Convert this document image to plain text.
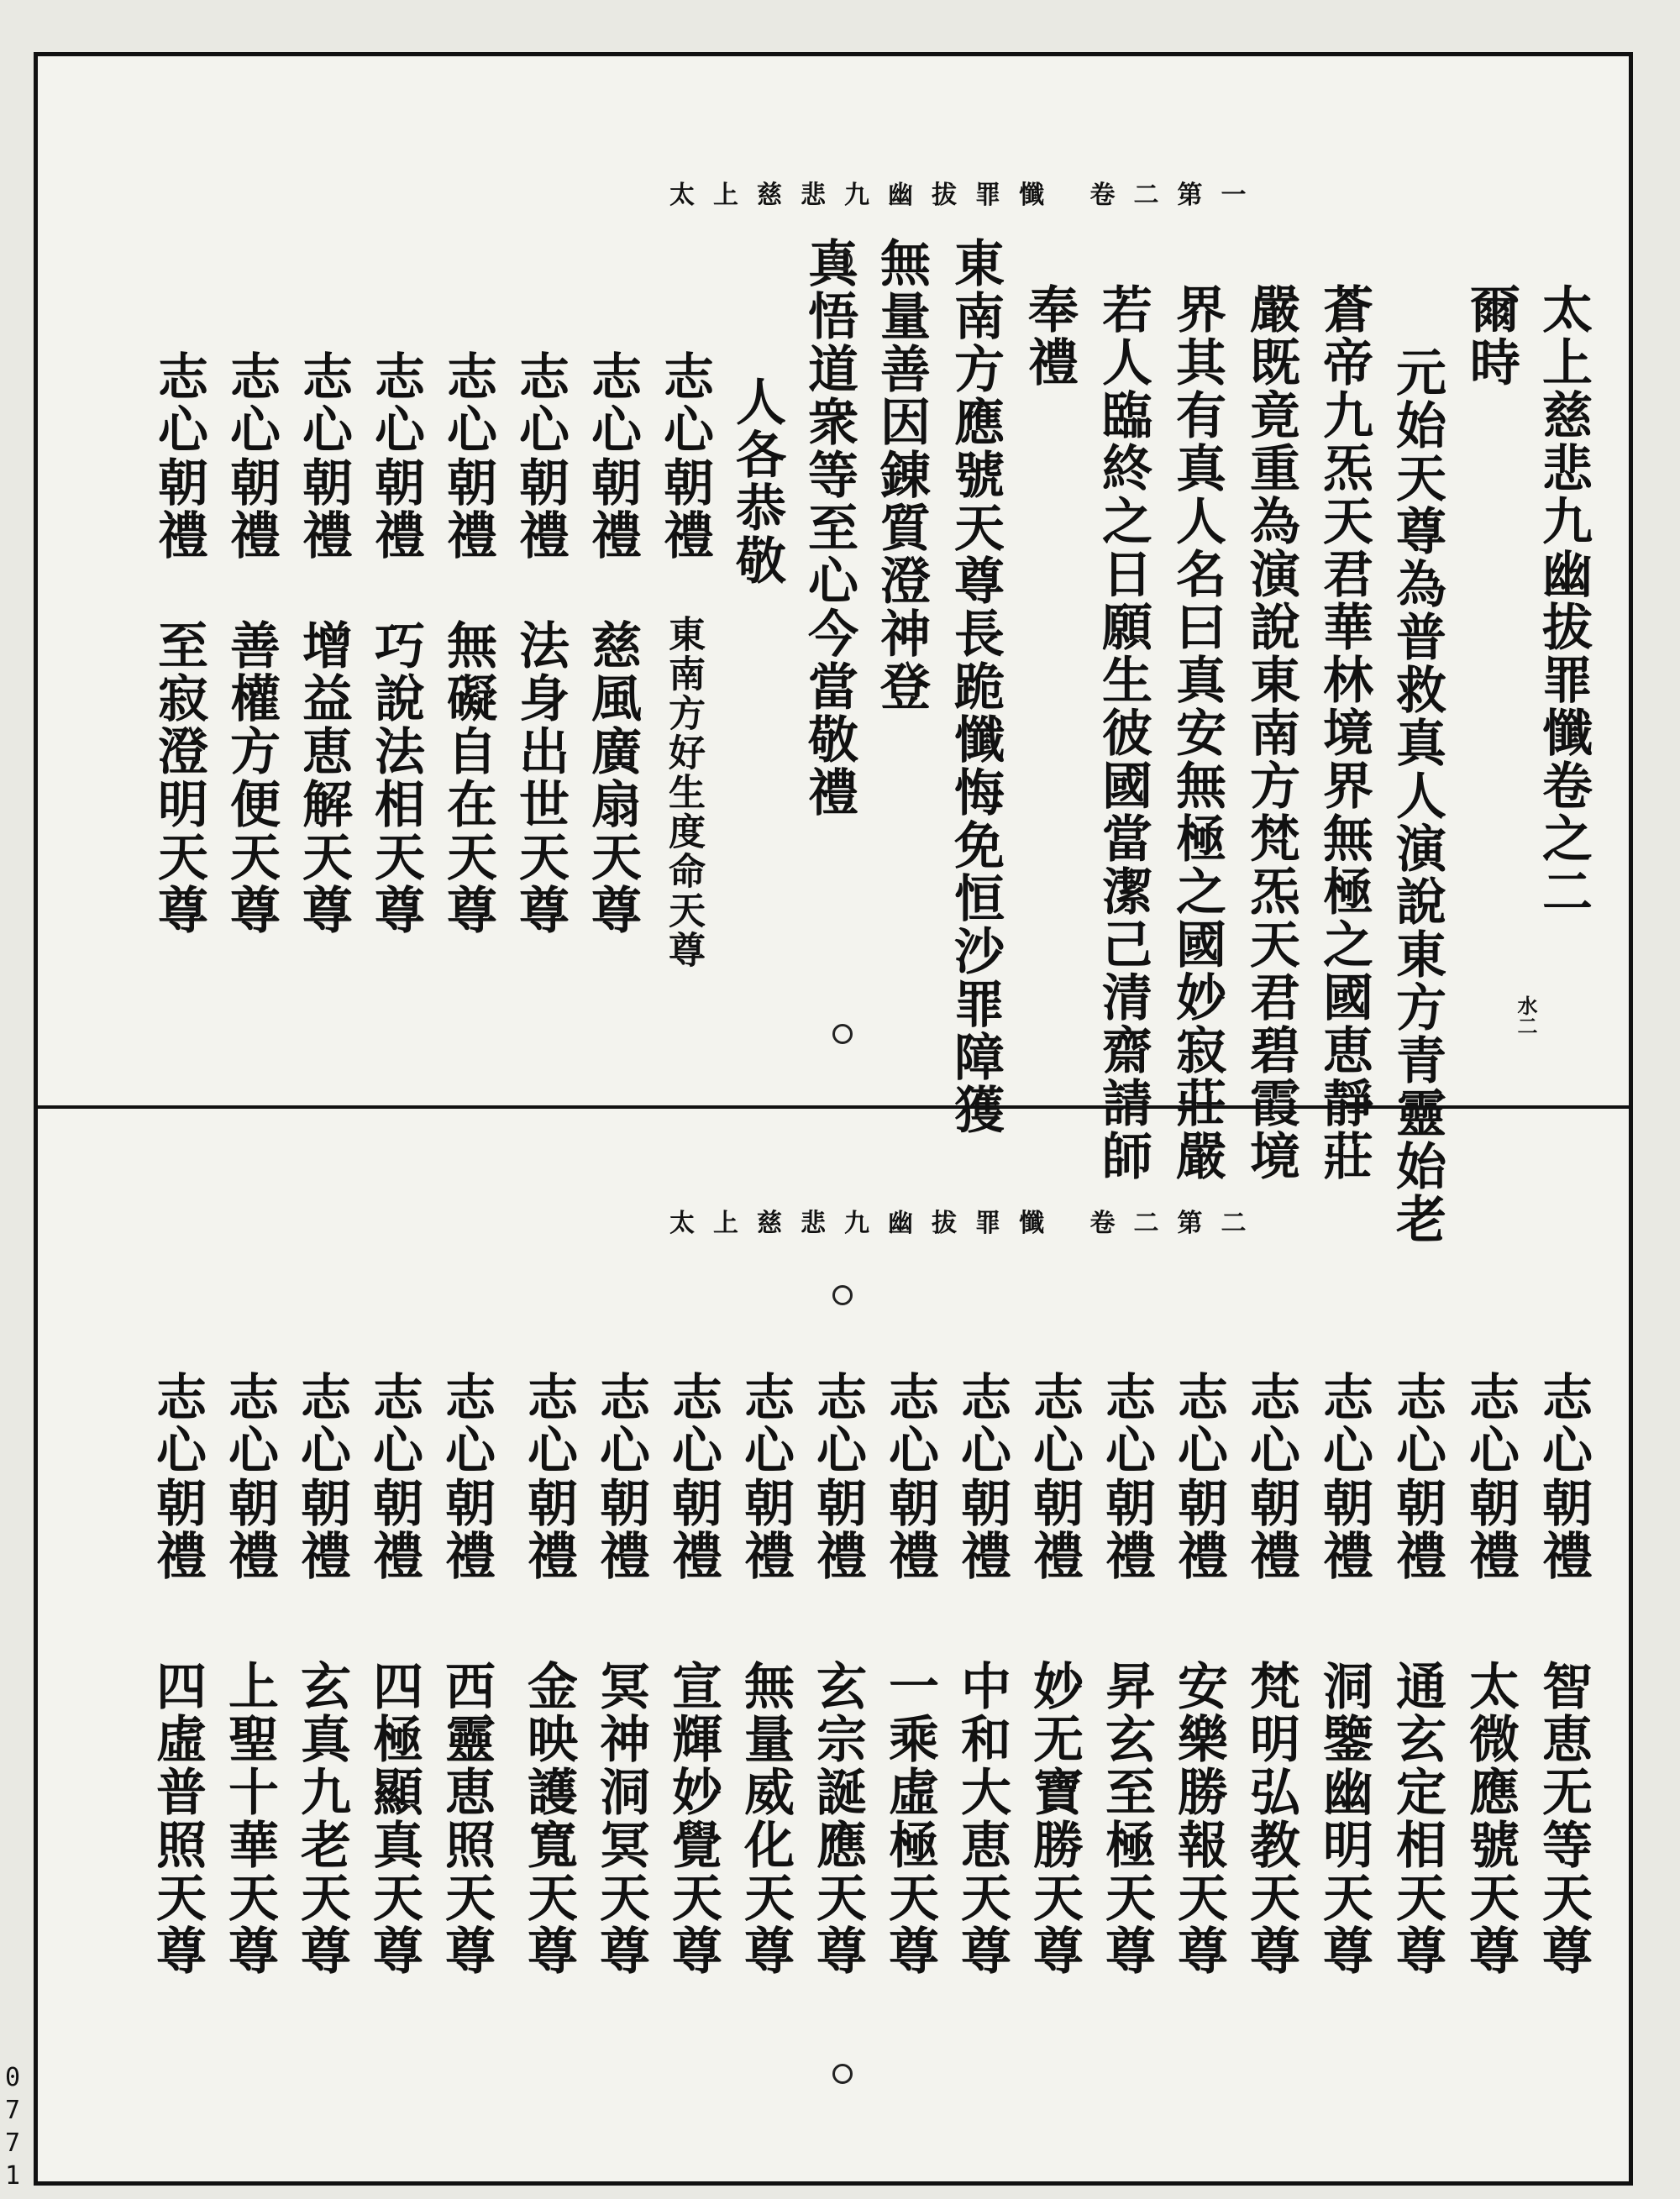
太上慈悲九幽拔罪懺 卷二第一
水二
太上慈悲九幽拔罪懺卷之二
爾時
元始天尊為普救真人演說東方青靈始老
蒼帝九炁天君華林境界無極之國恵靜莊
嚴既竟重為演說東南方梵炁天君碧霞境
界其有真人名曰真安無極之國妙寂莊嚴
若人臨終之日願生彼國當潔己清齋請師
奉禮
東南方應號天尊長跪懺悔免恒沙罪障獲
無量善因錬質澄神登
真悟道衆等至心今當敬禮
人各恭敬
志心朝禮
志心朝禮
志心朝禮
志心朝禮
志心朝禮
志心朝禮
志心朝禮
志心朝禮
東南方好生度命天尊
慈風廣扇天尊
法身出世天尊
無礙自在天尊
巧說法相天尊
增益恵解天尊
善權方便天尊
至寂澄明天尊
太上慈悲九幽拔罪懺 卷二第二
志心朝禮
志心朝禮
志心朝禮
志心朝禮
志心朝禮
志心朝禮
志心朝禮
志心朝禮
志心朝禮
志心朝禮
志心朝禮
志心朝禮
志心朝禮
志心朝禮
志心朝禮
志心朝禮
志心朝禮
志心朝禮
志心朝禮
志心朝禮
智恵无等天尊
太微應號天尊
通玄定相天尊
洞鑒幽明天尊
梵明弘教天尊
安樂勝報天尊
昇玄至極天尊
妙无寶勝天尊
中和大恵天尊
一乘虛極天尊
玄宗誕應天尊
無量威化天尊
宣輝妙覺天尊
冥神洞冥天尊
金映護寬天尊
西靈恵照天尊
四極顯真天尊
玄真九老天尊
上聖十華天尊
四虛普照天尊
0771
